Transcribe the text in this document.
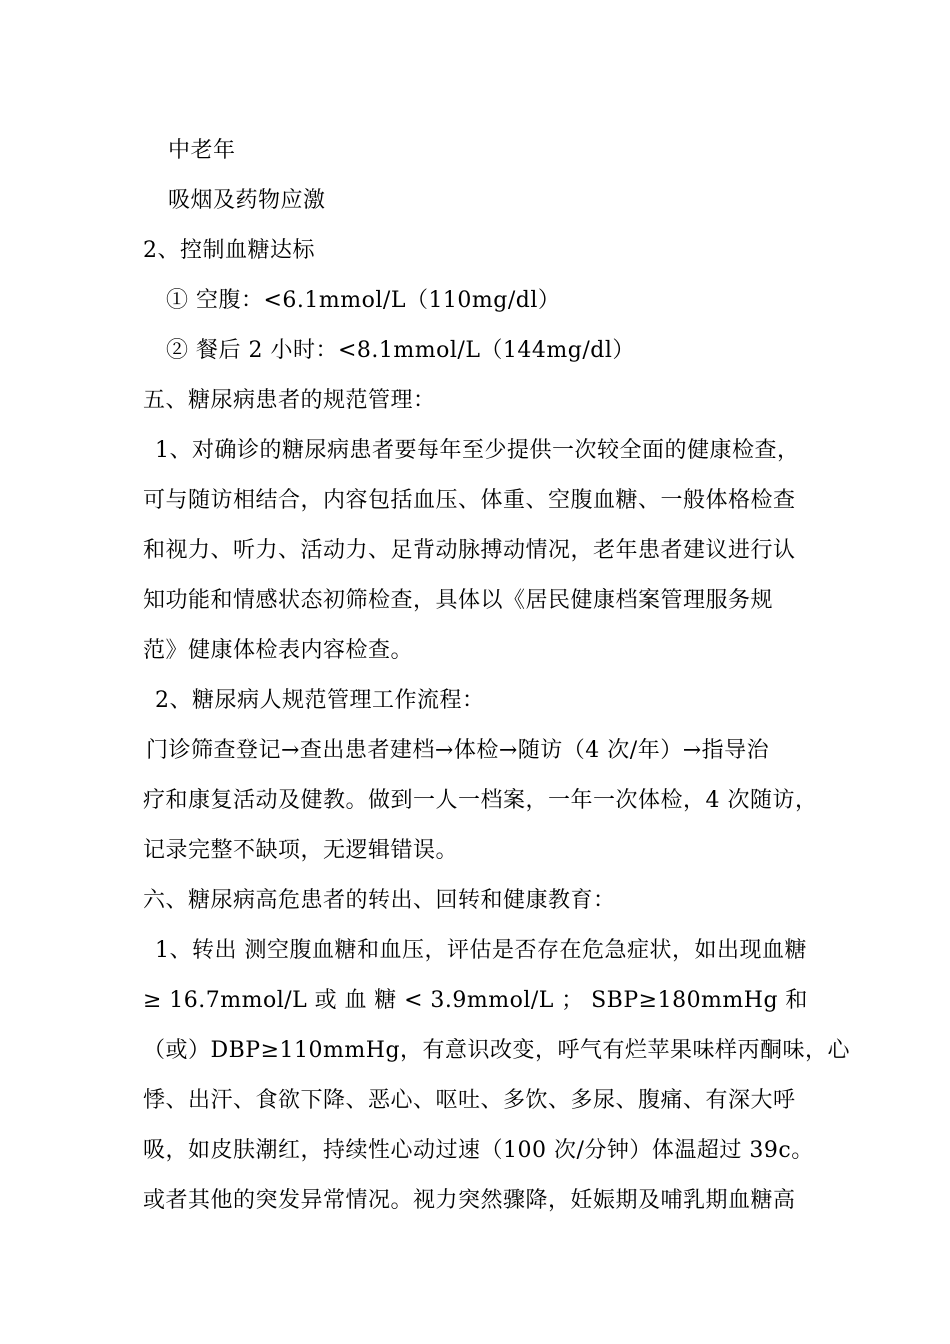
中老年
吸烟及药物应激
2、控制血糖达标
① 空腹：<6.1mmol/L（110mg/dl）
② 餐后 2 小时：<8.1mmol/L（144mg/dl）
五、糖尿病患者的规范管理：
1、对确诊的糖尿病患者要每年至少提供一次较全面的健康检查，
可与随访相结合，内容包括血压、体重、空腹血糖、一般体格检查
和视力、听力、活动力、足背动脉搏动情况，老年患者建议进行认
知功能和情感状态初筛检查，具体以《居民健康档案管理服务规
范》健康体检表内容检查。
2、糖尿病人规范管理工作流程：
门诊筛查登记→查出患者建档→体检→随访（4 次/年）→指导治
疗和康复活动及健教。做到一人一档案，一年一次体检，4 次随访，
记录完整不缺项，无逻辑错误。
六、糖尿病高危患者的转出、回转和健康教育：
1、转出 测空腹血糖和血压，评估是否存在危急症状，如出现血糖
≥ 16.7mmol/L 或 血 糖 < 3.9mmol/L ； SBP≥180mmHg 和
（或）DBP≥110mmHg，有意识改变，呼气有烂苹果味样丙酮味，心
悸、出汗、食欲下降、恶心、呕吐、多饮、多尿、腹痛、有深大呼
吸，如皮肤潮红，持续性心动过速（100 次/分钟）体温超过 39c。
或者其他的突发异常情况。视力突然骤降，妊娠期及哺乳期血糖高
